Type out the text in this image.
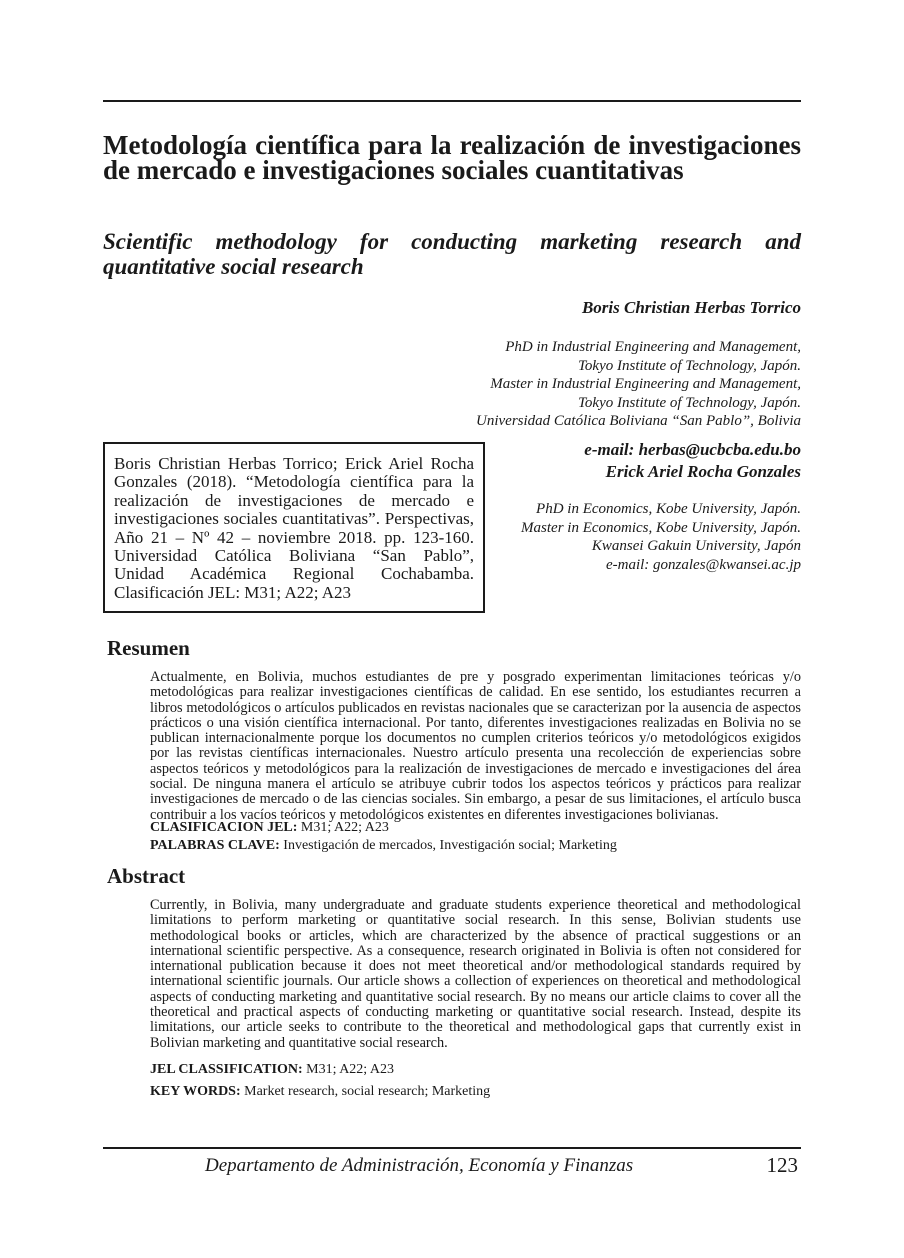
Metodología científica para la realización de investigaciones de mercado e investigaciones sociales cuantitativas
Scientific methodology for conducting marketing research and quantitative social research
Boris Christian Herbas Torrico
PhD in Industrial Engineering and Management,
Tokyo Institute of Technology, Japón.
Master in Industrial Engineering and Management,
Tokyo Institute of Technology, Japón.
Universidad Católica Boliviana “San Pablo”, Bolivia
e-mail: herbas@ucbcba.edu.bo
Erick Ariel Rocha Gonzales
PhD in Economics, Kobe University, Japón.
Master in Economics, Kobe University, Japón.
Kwansei Gakuin University, Japón
e-mail: gonzales@kwansei.ac.jp
Boris Christian Herbas Torrico; Erick Ariel Rocha Gonzales (2018). “Metodología científica para la realización de investigaciones de mercado e investigaciones sociales cuantitativas”. Perspectivas, Año 21 – Nº 42 – noviembre 2018. pp. 123-160. Universidad Católica Boliviana “San Pablo”, Unidad Académica Regional Cochabamba. Clasificación JEL: M31; A22; A23
Resumen

Actualmente, en Bolivia, muchos estudiantes de pre y posgrado experimentan limitaciones teóricas y/o metodológicas para realizar investigaciones científicas de calidad. En ese sentido, los estudiantes recurren a libros metodológicos o artículos publicados en revistas nacionales que se caracterizan por la ausencia de aspectos prácticos o una visión científica internacional. Por tanto, diferentes investigaciones realizadas en Bolivia no se publican internacionalmente porque los documentos no cumplen criterios teóricos y/o metodológicos exigidos por las revistas científicas internacionales. Nuestro artículo presenta una recolección de experiencias sobre aspectos teóricos y metodológicos para la realización de investigaciones de mercado e investigaciones del área social. De ninguna manera el artículo se atribuye cubrir todos los aspectos teóricos y prácticos para realizar investigaciones de mercado o de las ciencias sociales. Sin embargo, a pesar de sus limitaciones, el artículo busca contribuir a los vacíos teóricos y metodológicos existentes en diferentes investigaciones bolivianas.

CLASIFICACION JEL: M31; A22; A23
PALABRAS CLAVE: Investigación de mercados, Investigación social; Marketing
Abstract

Currently, in Bolivia, many undergraduate and graduate students experience theoretical and methodological limitations to perform marketing or quantitative social research. In this sense, Bolivian students use methodological books or articles, which are characterized by the absence of practical suggestions or an international scientific perspective. As a consequence, research originated in Bolivia is often not considered for international publication because it does not meet theoretical and/or methodological standards required by international scientific journals. Our article shows a collection of experiences on theoretical and methodological aspects of conducting marketing and quantitative social research. By no means our article claims to cover all the theoretical and practical aspects of conducting marketing or quantitative social research. Instead, despite its limitations, our article seeks to contribute to the theoretical and methodological gaps that currently exist in Bolivian marketing and quantitative social research.

JEL CLASSIFICATION: M31; A22; A23
KEY WORDS: Market research, social research; Marketing
Departamento de Administración, Economía y Finanzas	123
